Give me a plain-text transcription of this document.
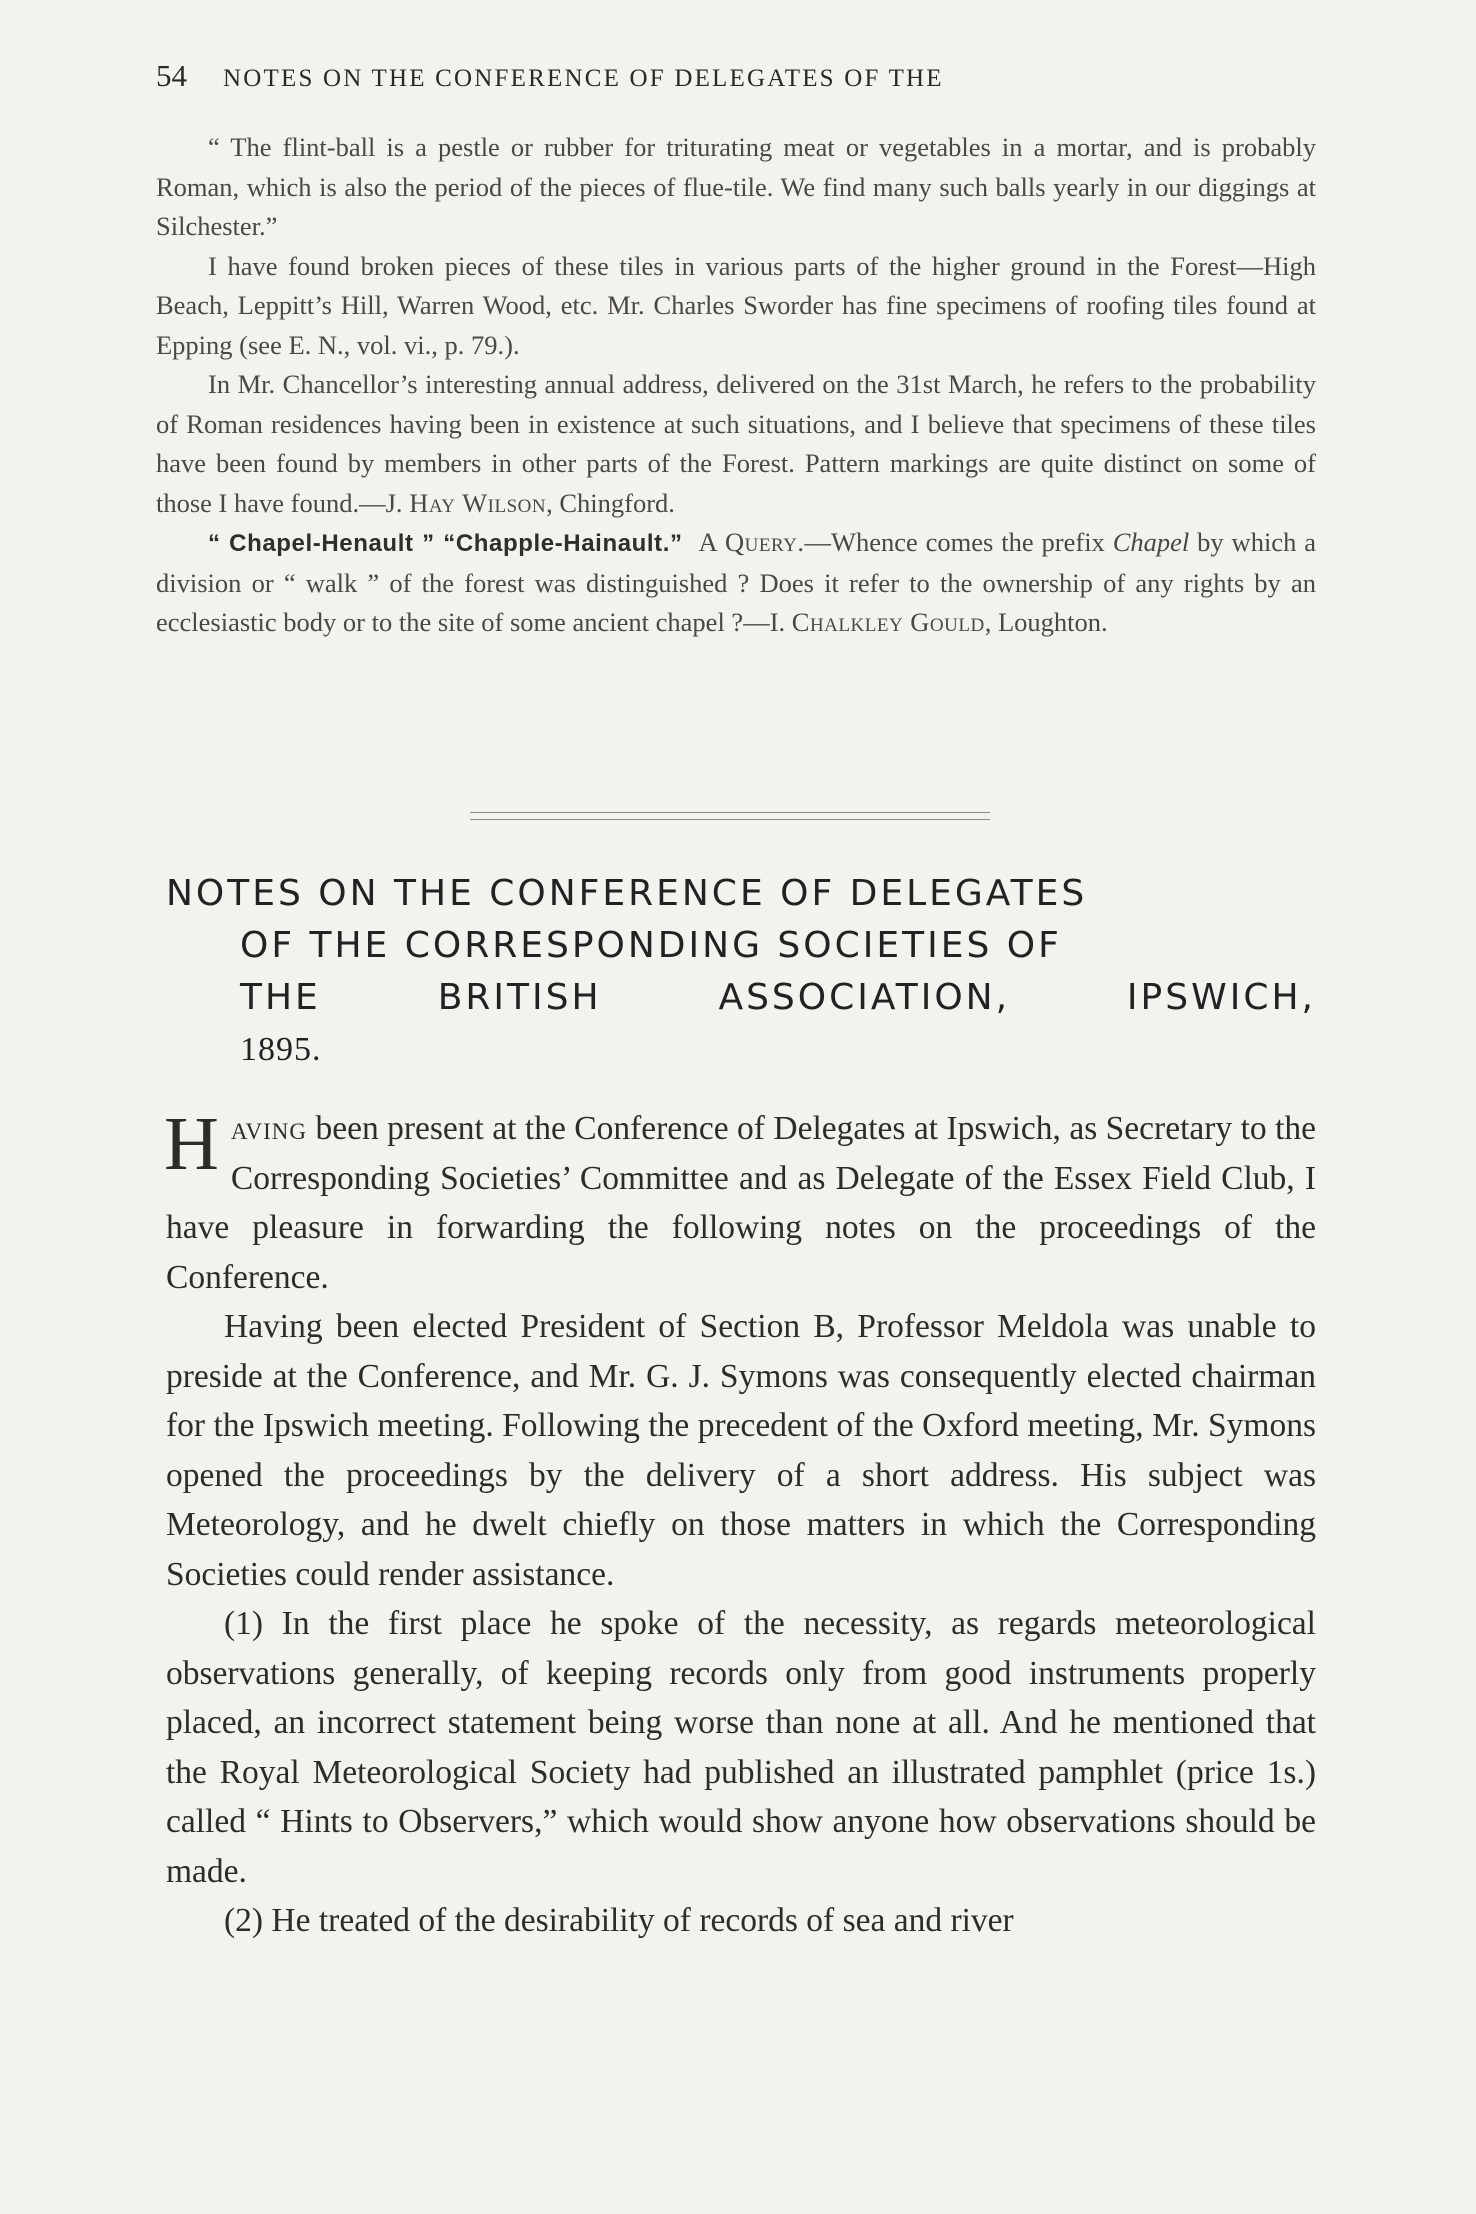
54 NOTES ON THE CONFERENCE OF DELEGATES OF THE

“ The flint-ball is a pestle or rubber for triturating meat or vegetables in a mortar, and is probably Roman, which is also the period of the pieces of flue-tile. We find many such balls yearly in our diggings at Silchester.”

I have found broken pieces of these tiles in various parts of the higher ground in the Forest—High Beach, Leppitt’s Hill, Warren Wood, etc. Mr. Charles Sworder has fine specimens of roofing tiles found at Epping (see E. N., vol. vi., p. 79.).

In Mr. Chancellor’s interesting annual address, delivered on the 31st March, he refers to the probability of Roman residences having been in existence at such situations, and I believe that specimens of these tiles have been found by members in other parts of the Forest. Pattern markings are quite distinct on some of those I have found.—J. Hay Wilson, Chingford.

“ Chapel-Henault ” “Chapple-Hainault.” A Query.—Whence comes the prefix Chapel by which a division or “ walk ” of the forest was distinguished ? Does it refer to the ownership of any rights by an ecclesiastic body or to the site of some ancient chapel ?—I. Chalkley Gould, Loughton.

NOTES ON THE CONFERENCE OF DELEGATES
OF THE CORRESPONDING SOCIETIES OF
THE	BRITISH	ASSOCIATION,	IPSWICH,
1895.

Having been present at the Conference of Delegates at Ipswich, as Secretary to the Corresponding Societies’ Committee and as Delegate of the Essex Field Club, I have pleasure in forwarding the following notes on the proceedings of the Conference.

Having been elected President of Section B, Professor Meldola was unable to preside at the Conference, and Mr. G. J. Symons was consequently elected chairman for the Ipswich meeting. Following the precedent of the Oxford meeting, Mr. Symons opened the proceedings by the delivery of a short address. His subject was Meteorology, and he dwelt chiefly on those matters in which the Corresponding Societies could render assistance.

(1) In the first place he spoke of the necessity, as regards meteorological observations generally, of keeping records only from good instruments properly placed, an incorrect statement being worse than none at all. And he mentioned that the Royal Meteorological Society had published an illustrated pamphlet (price 1s.) called “ Hints to Observers,” which would show anyone how observations should be made.

(2) He treated of the desirability of records of sea and river
